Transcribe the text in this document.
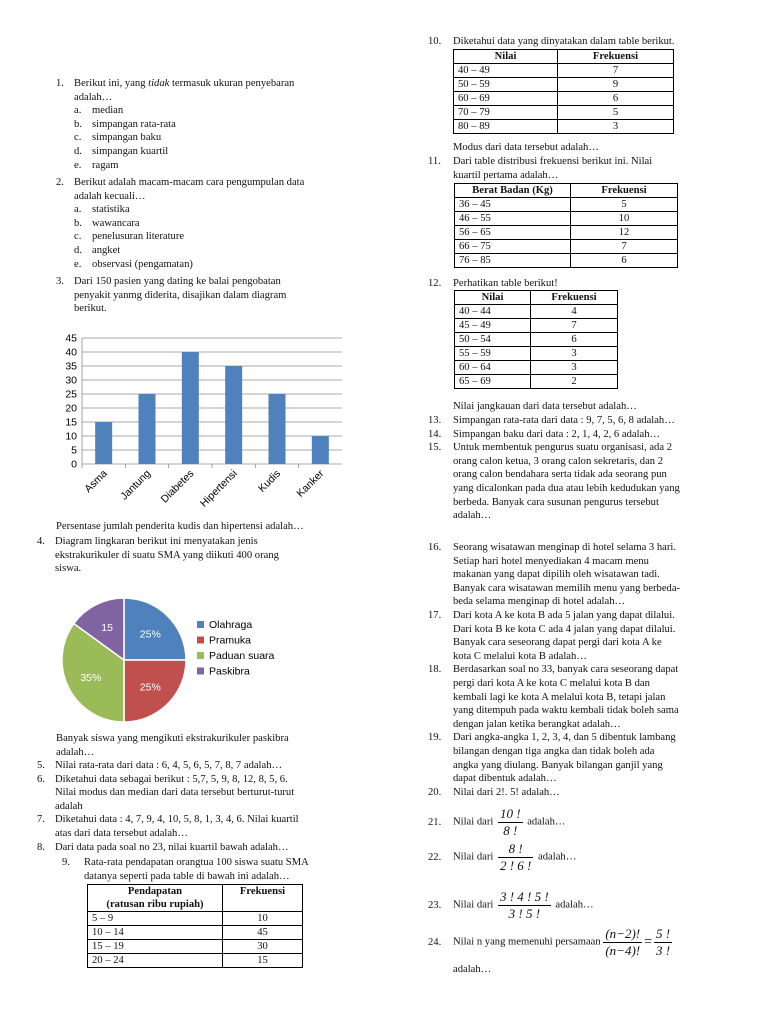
1. Berikut ini, yang tidak termasuk ukuran penyebaran
adalah…
a. median
b. simpangan rata-rata
c. simpangan baku
d. simpangan kuartil
e. ragam
2. Berikut adalah macam-macam cara pengumpulan data
adalah kecuali…
a. statistika
b. wawancara
c. penelusuran literature
d. angket
e. observasi (pengamatan)
3. Dari 150 pasien yang dating ke balai pengobatan
penyakit yanmg diderita, disajikan dalam diagram
berikut.
0
5
10
15
20
25
30
35
40
45
Asma Jantung Diabetes Hipertensi Kudis Kanker
Persentase jumlah penderita kudis dan hipertensi adalah…
4. Diagram lingkaran berikut ini menyatakan jenis
ekstrakurikuler di suatu SMA yang diikuti 400 orang
siswa.
25%
25%
35%
15	Olahraga
Pramuka
Paduan suara
Paskibra
Banyak siswa yang mengikuti ekstrakurikuler paskibra
adalah…
5. Nilai rata-rata dari data : 6, 4, 5, 6, 5, 7, 8, 7 adalah…
6. Diketahui data sebagai berikut : 5,7, 5, 9, 8, 12, 8, 5, 6.
Nilai modus dan median dari data tersebut berturut-turut
adalah
7. Diketahui data : 4, 7, 9, 4, 10, 5, 8, 1, 3, 4, 6. Nilai kuartil
atas dari data tersebut adalah…
8. Dari data pada soal no 23, nilai kuartil bawah adalah…
9. Rata-rata pendapatan orangtua 100 siswa suatu SMA
datanya seperti pada table di bawah ini adalah…
Pendapatan
(ratusan ribu rupiah)	Frekuensi
5 – 9	10
10 – 14	45
15 – 19	30
20 – 24	15
10. Diketahui data yang dinyatakan dalam table berikut.
Nilai	Frekuensi
40 – 49	7
50 – 59	9
60 – 69	6
70 – 79	5
80 – 89	3
Modus dari data tersebut adalah…
11. Dari table distribusi frekuensi berikut ini. Nilai
kuartil pertama adalah…
Berat Badan (Kg)	Frekuensi
36 – 45	5
46 – 55	10
56 – 65	12
66 – 75	7
76 – 85	6
12. Perhatikan table berikut!
Nilai	Frekuensi
40 – 44	4
45 – 49	7
50 – 54	6
55 – 59	3
60 – 64	3
65 – 69	2
Nilai jangkauan dari data tersebut adalah…
13. Simpangan rata-rata dari data : 9, 7, 5, 6, 8 adalah…
14. Simpangan baku dari data : 2, 1, 4, 2, 6 adalah…
15. Untuk membentuk pengurus suatu organisasi, ada 2
orang calon ketua, 3 orang calon sekretaris, dan 2
orang calon bendahara serta tidak ada seorang pun
yang dicalonkan pada dua atau lebih kedudukan yang
berbeda. Banyak cara susunan pengurus tersebut
adalah…
16. Seorang wisatawan menginap di hotel selama 3 hari.
Setiap hari hotel menyediakan 4 macam menu
makanan yang dapat dipilih oleh wisatawan tadi.
Banyak cara wisatawan memilih menu yang berbeda-
beda selama menginap di hotel adalah…
17. Dari kota A ke kota B ada 5 jalan yang dapat dilalui.
Dari kota B ke kota C ada 4 jalan yang dapat dilalui.
Banyak cara seseorang dapat pergi dari kota A ke
kota C melalui kota B adalah…
18. Berdasarkan soal no 33, banyak cara seseorang dapat
pergi dari kota A ke kota C melalui kota B dan
kembali lagi ke kota A melalui kota B, tetapi jalan
yang ditempuh pada waktu kembali tidak boleh sama
dengan jalan ketika berangkat adalah…
19. Dari angka-angka 1, 2, 3, 4, dan 5 dibentuk lambang
bilangan dengan tiga angka dan tidak boleh ada
angka yang diulang. Banyak bilangan ganjil yang
dapat dibentuk adalah…
20. Nilai dari 2!. 5! adalah…
21. Nilai dari $\frac{10 !}{8 !}$ adalah…
22. Nilai dari $\frac{8 !}{2 ! 6 !}$ adalah…
23. Nilai dari $\frac{3 ! 4 ! 5 !}{3 ! 5 !}$ adalah…
24. Nilai n yang memenuhi persamaan $\frac{(n-2)!}{(n-4)!} = \frac{5 !}{3 !}$
adalah…
